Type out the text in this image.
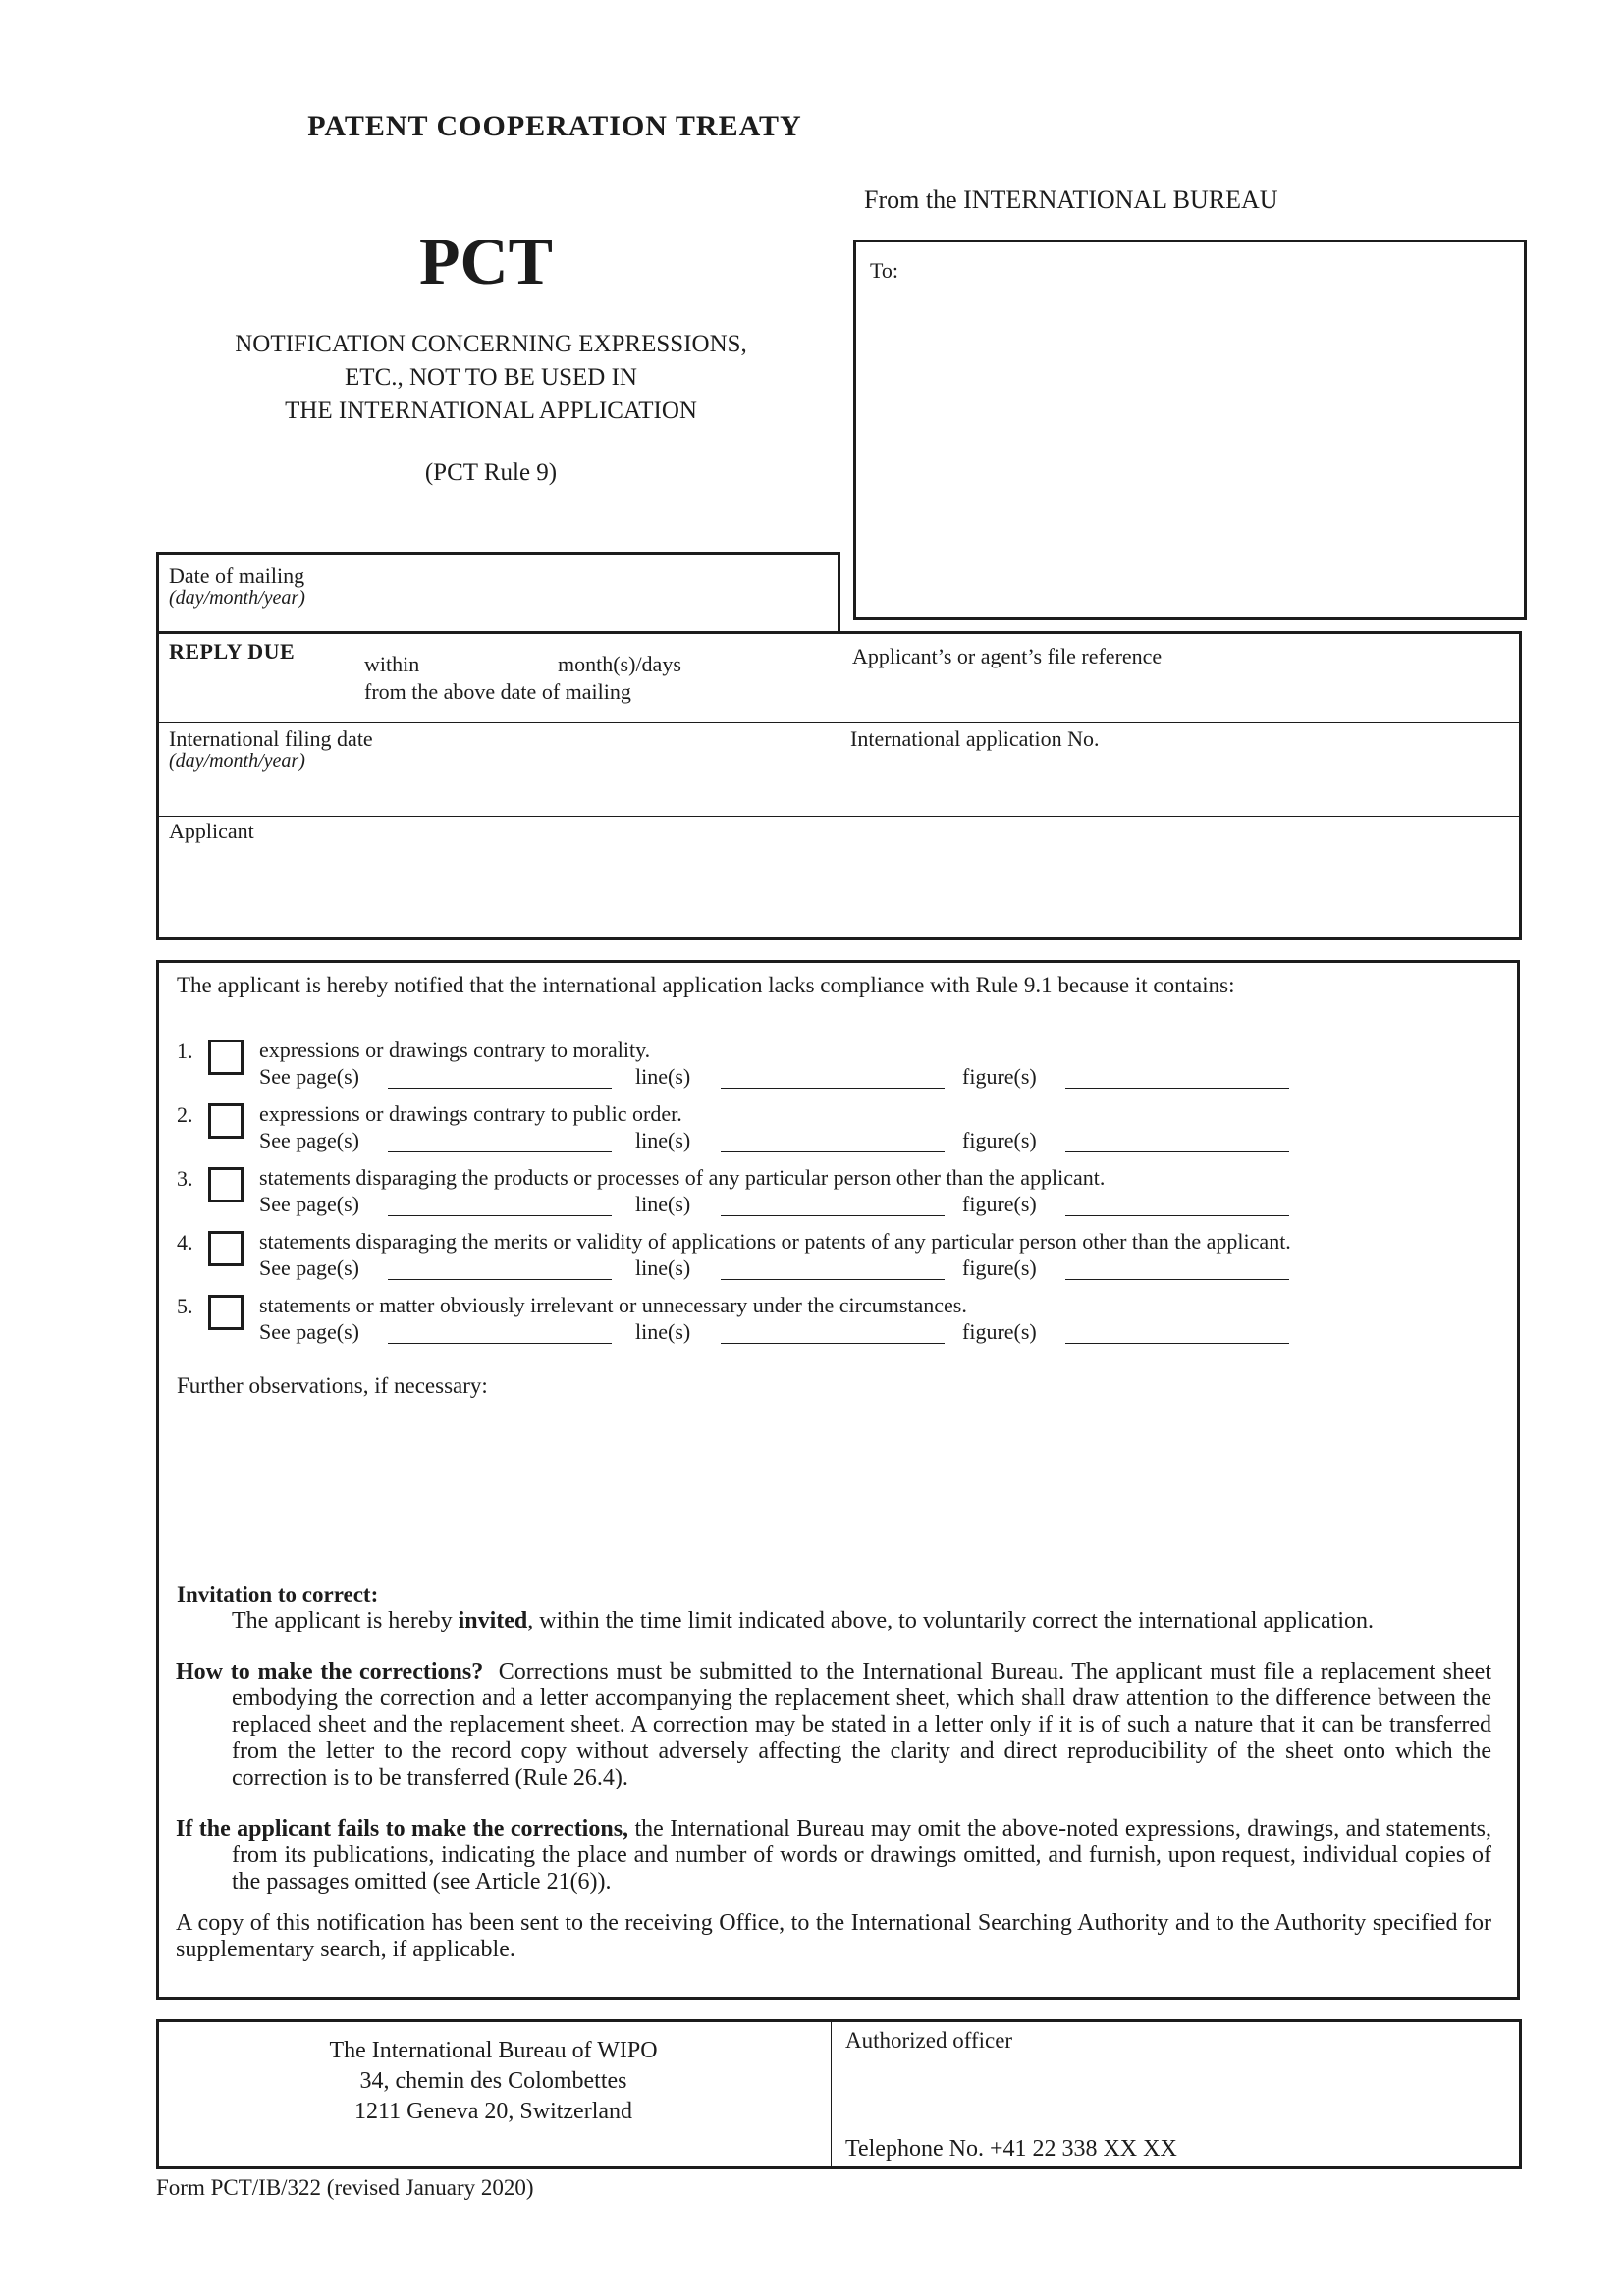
PATENT COOPERATION TREATY
From the INTERNATIONAL BUREAU
PCT
NOTIFICATION CONCERNING EXPRESSIONS,
ETC., NOT TO BE USED IN
THE INTERNATIONAL APPLICATION
(PCT Rule 9)
To:
Date of mailing
(day/month/year)
REPLY DUE
within	month(s)/days
from the above date of mailing
Applicant’s or agent’s file reference
International filing date
(day/month/year)
International application No.
Applicant
The applicant is hereby notified that the international application lacks compliance with Rule 9.1 because it contains:
1.	expressions or drawings contrary to morality.
See page(s)	line(s)	figure(s)
2.	expressions or drawings contrary to public order.
See page(s)	line(s)	figure(s)
3.	statements disparaging the products or processes of any particular person other than the applicant.
See page(s)	line(s)	figure(s)
4.	statements disparaging the merits or validity of applications or patents of any particular person other than the applicant.
See page(s)	line(s)	figure(s)
5.	statements or matter obviously irrelevant or unnecessary under the circumstances.
See page(s)	line(s)	figure(s)
Further observations, if necessary:
Invitation to correct:
The applicant is hereby invited, within the time limit indicated above, to voluntarily correct the international application.
How to make the corrections? Corrections must be submitted to the International Bureau. The applicant must file a replacement sheet embodying the correction and a letter accompanying the replacement sheet, which shall draw attention to the difference between the replaced sheet and the replacement sheet. A correction may be stated in a letter only if it is of such a nature that it can be transferred from the letter to the record copy without adversely affecting the clarity and direct reproducibility of the sheet onto which the correction is to be transferred (Rule 26.4).
If the applicant fails to make the corrections, the International Bureau may omit the above-noted expressions, drawings, and statements, from its publications, indicating the place and number of words or drawings omitted, and furnish, upon request, individual copies of the passages omitted (see Article 21(6)).
A copy of this notification has been sent to the receiving Office, to the International Searching Authority and to the Authority specified for supplementary search, if applicable.
The International Bureau of WIPO
34, chemin des Colombettes
1211 Geneva 20, Switzerland
Authorized officer
Telephone No. +41 22 338 XX XX
Form PCT/IB/322 (revised January 2020)
